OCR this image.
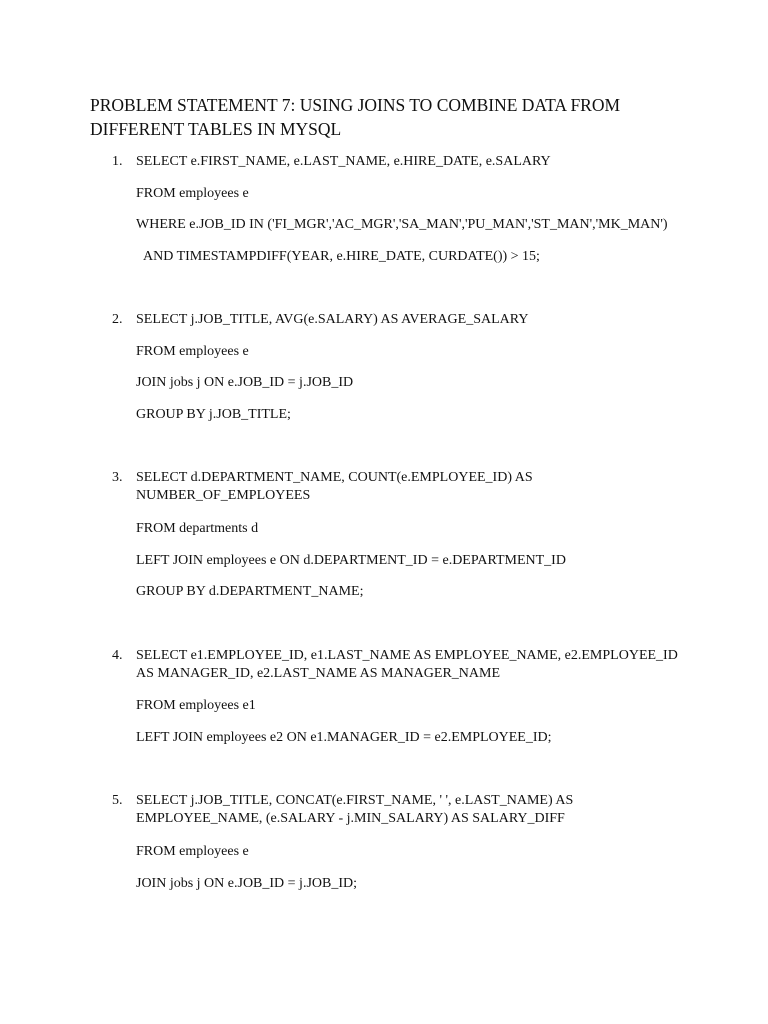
PROBLEM STATEMENT 7: USING JOINS TO COMBINE DATA FROM DIFFERENT TABLES IN MYSQL
1. SELECT e.FIRST_NAME, e.LAST_NAME, e.HIRE_DATE, e.SALARY
FROM employees e
WHERE e.JOB_ID IN ('FI_MGR','AC_MGR','SA_MAN','PU_MAN','ST_MAN','MK_MAN')
AND TIMESTAMPDIFF(YEAR, e.HIRE_DATE, CURDATE()) > 15;
2. SELECT j.JOB_TITLE, AVG(e.SALARY) AS AVERAGE_SALARY
FROM employees e
JOIN jobs j ON e.JOB_ID = j.JOB_ID
GROUP BY j.JOB_TITLE;
3. SELECT d.DEPARTMENT_NAME, COUNT(e.EMPLOYEE_ID) AS NUMBER_OF_EMPLOYEES
FROM departments d
LEFT JOIN employees e ON d.DEPARTMENT_ID = e.DEPARTMENT_ID
GROUP BY d.DEPARTMENT_NAME;
4. SELECT e1.EMPLOYEE_ID, e1.LAST_NAME AS EMPLOYEE_NAME, e2.EMPLOYEE_ID AS MANAGER_ID, e2.LAST_NAME AS MANAGER_NAME
FROM employees e1
LEFT JOIN employees e2 ON e1.MANAGER_ID = e2.EMPLOYEE_ID;
5. SELECT j.JOB_TITLE, CONCAT(e.FIRST_NAME, ' ', e.LAST_NAME) AS EMPLOYEE_NAME, (e.SALARY - j.MIN_SALARY) AS SALARY_DIFF
FROM employees e
JOIN jobs j ON e.JOB_ID = j.JOB_ID;
